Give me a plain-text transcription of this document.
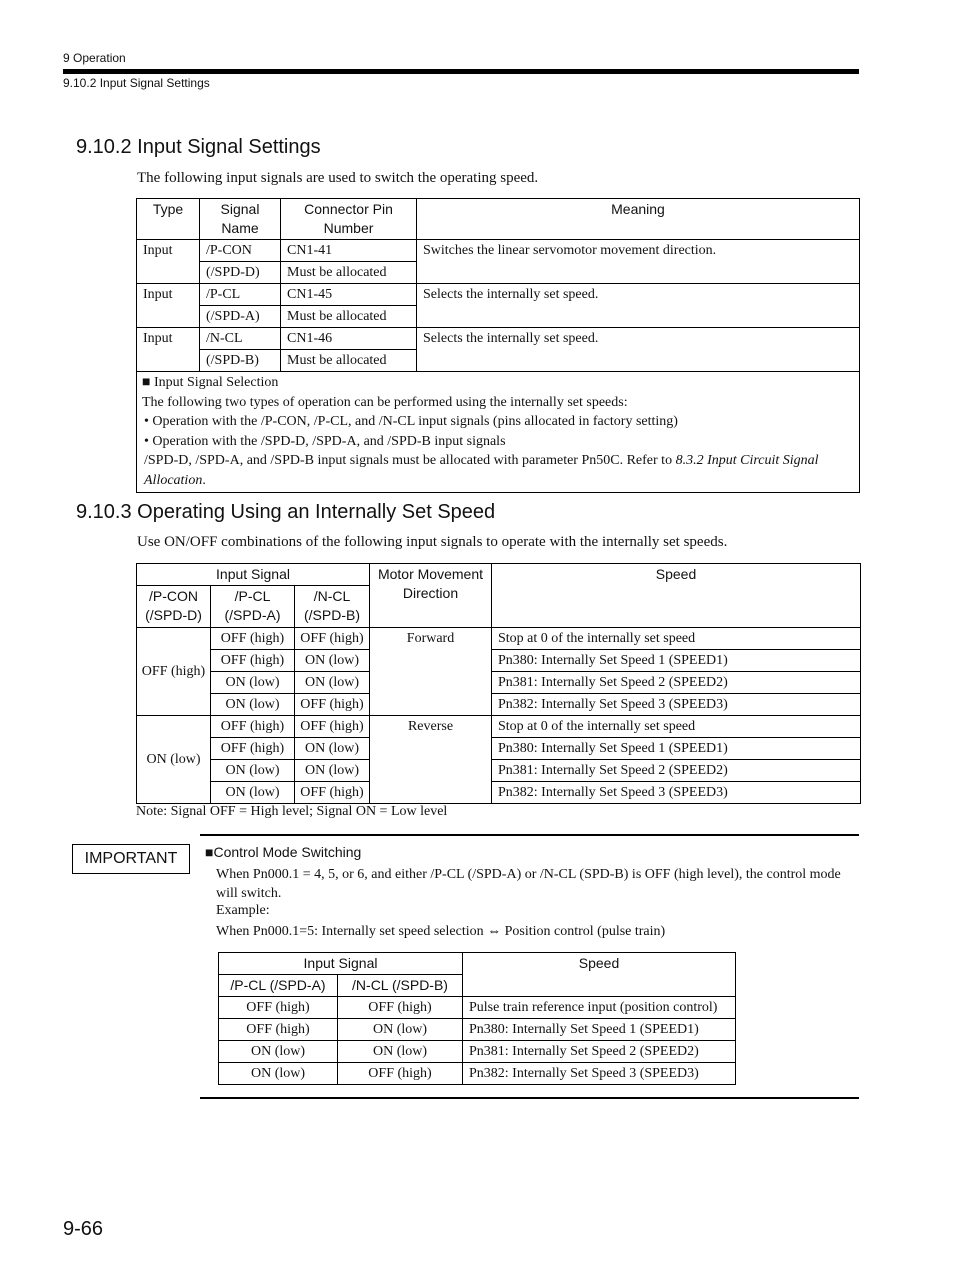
9 Operation
9.10.2 Input Signal Settings
9.10.2 Input Signal Settings
The following input signals are used to switch the operating speed.
Type	Signal Name	Connector Pin Number	Meaning
Input	/P-CON	CN1-41	Switches the linear servomotor movement direction.
	(/SPD-D)	Must be allocated	
Input	/P-CL	CN1-45	Selects the internally set speed.
	(/SPD-A)	Must be allocated	
Input	/N-CL	CN1-46	Selects the internally set speed.
	(/SPD-B)	Must be allocated	

■ Input Signal Selection
The following two types of operation can be performed using the internally set speeds:
• Operation with the /P-CON, /P-CL, and /N-CL input signals (pins allocated in factory setting)
• Operation with the /SPD-D, /SPD-A, and /SPD-B input signals
/SPD-D, /SPD-A, and /SPD-B input signals must be allocated with parameter Pn50C. Refer to 8.3.2 Input Circuit Signal Allocation.			
9.10.3 Operating Using an Internally Set Speed
Use ON/OFF combinations of the following input signals to operate with the internally set speeds.
Input Signal			Motor Movement Direction	Speed
/P-CON (/SPD-D)	/P-CL (/SPD-A)	/N-CL (/SPD-B)		
OFF (high)	OFF (high)	OFF (high)	Forward	Stop at 0 of the internally set speed
	OFF (high)	ON (low)		Pn380: Internally Set Speed 1 (SPEED1)
	ON (low)	ON (low)		Pn381: Internally Set Speed 2 (SPEED2)
	ON (low)	OFF (high)		Pn382: Internally Set Speed 3 (SPEED3)
ON (low)	OFF (high)	OFF (high)	Reverse	Stop at 0 of the internally set speed
	OFF (high)	ON (low)		Pn380: Internally Set Speed 1 (SPEED1)
	ON (low)	ON (low)		Pn381: Internally Set Speed 2 (SPEED2)
	ON (low)	OFF (high)		Pn382: Internally Set Speed 3 (SPEED3)
Note: Signal OFF = High level; Signal ON = Low level
IMPORTANT	■Control Mode Switching
When Pn000.1 = 4, 5, or 6, and either /P-CL (/SPD-A) or /N-CL (SPD-B) is OFF (high level), the control mode will switch.
Example:
When Pn000.1=5: Internally set speed selection ⇔ Position control (pulse train)
Input Signal		Speed
/P-CL (/SPD-A)	/N-CL (/SPD-B)	
OFF (high)	OFF (high)	Pulse train reference input (position control)
OFF (high)	ON (low)	Pn380: Internally Set Speed 1 (SPEED1)
ON (low)	ON (low)	Pn381: Internally Set Speed 2 (SPEED2)
ON (low)	OFF (high)	Pn382: Internally Set Speed 3 (SPEED3)
9-66
